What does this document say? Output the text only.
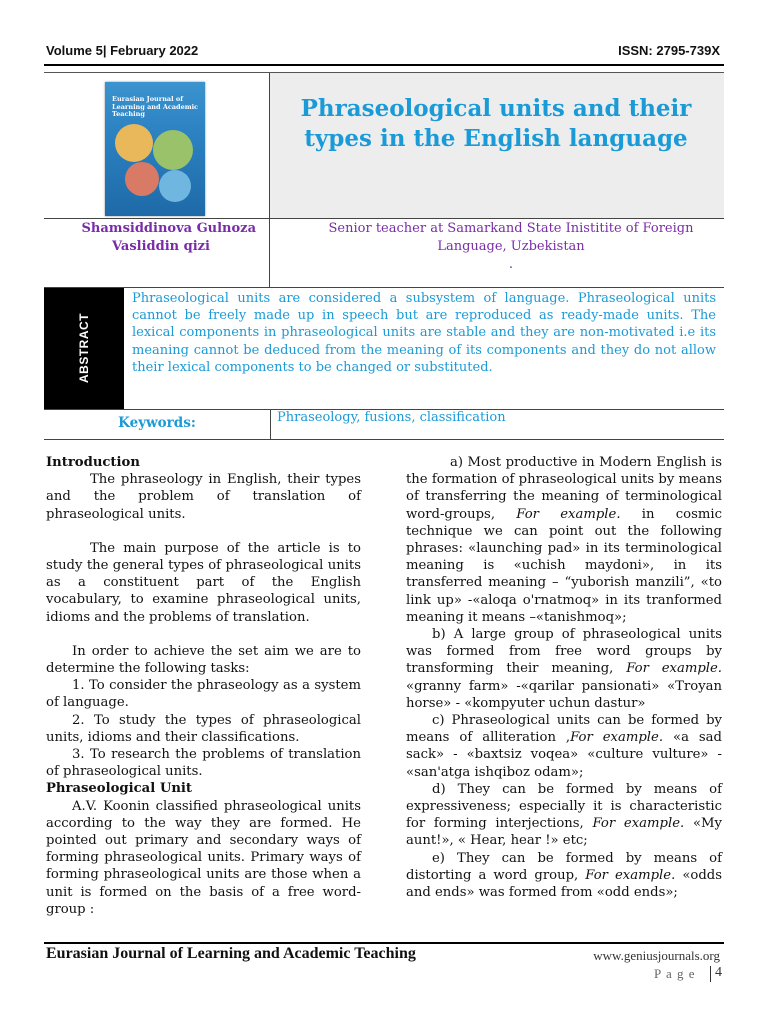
Volume 5| February 2022	ISSN: 2795-739X
Eurasian Journal of Learning and Academic Teaching	Phraseological units and their types in the English language
Shamsiddinova Gulnoza
Vasliddin qizi
Senior teacher at Samarkand State Inistitite of Foreign
Language, Uzbekistan
.
ABSTRACT
Phraseological units are considered a subsystem of language. Phraseological units cannot be freely made up in speech but are reproduced as ready-made units. The lexical components in phraseological units are stable and they are non-motivated i.e its meaning cannot be deduced from the meaning of its components and they do not allow their lexical components to be changed or substituted.
Keywords:	Phraseology, fusions, classification

Introduction

The phraseology in English, their types and the problem of translation of phraseological units.

The main purpose of the article is to study the general types of phraseological units as a constituent part of the English vocabulary, to examine phraseological units, idioms and the problems of translation.

In order to achieve the set aim we are to determine the following tasks:

1. To consider the phraseology as a system of language.

2. To study the types of phraseological units, idioms and their classifications.

3. To research the problems of translation of phraseological units.

Phraseological Unit

A.V. Koonin classified phraseological units according to the way they are formed. He pointed out primary and secondary ways of forming phraseological units. Primary ways of forming phraseological units are those when a unit is formed on the basis of a free word-group :

a) Most productive in Modern English is the formation of phraseological units by means of transferring the meaning of terminological word-groups, For example. in cosmic technique we can point out the following phrases: «launching pad» in its terminological meaning is «uchish maydoni», in its transferred meaning – “yuborish manzili”, «to link up» -«aloqa o'rnatmoq» in its tranformed meaning it means –«tanishmoq»;

b) A large group of phraseological units was formed from free word groups by transforming their meaning, For example. «granny farm» -«qarilar pansionati» «Troyan horse» - «kompyuter uchun dastur»

c) Phraseological units can be formed by means of alliteration ,For example. «a sad sack» - «baxtsiz voqea» «culture vulture» - «san'atga ishqiboz odam»;

d) They can be formed by means of expressiveness; especially it is characteristic for forming interjections, For example. «My aunt!», « Hear, hear !» etc;

e) They can be formed by means of distorting a word group, For example. «odds and ends» was formed from «odd ends»;

Eurasian Journal of Learning and Academic Teaching	www.geniusjournals.org
P a g e 4
